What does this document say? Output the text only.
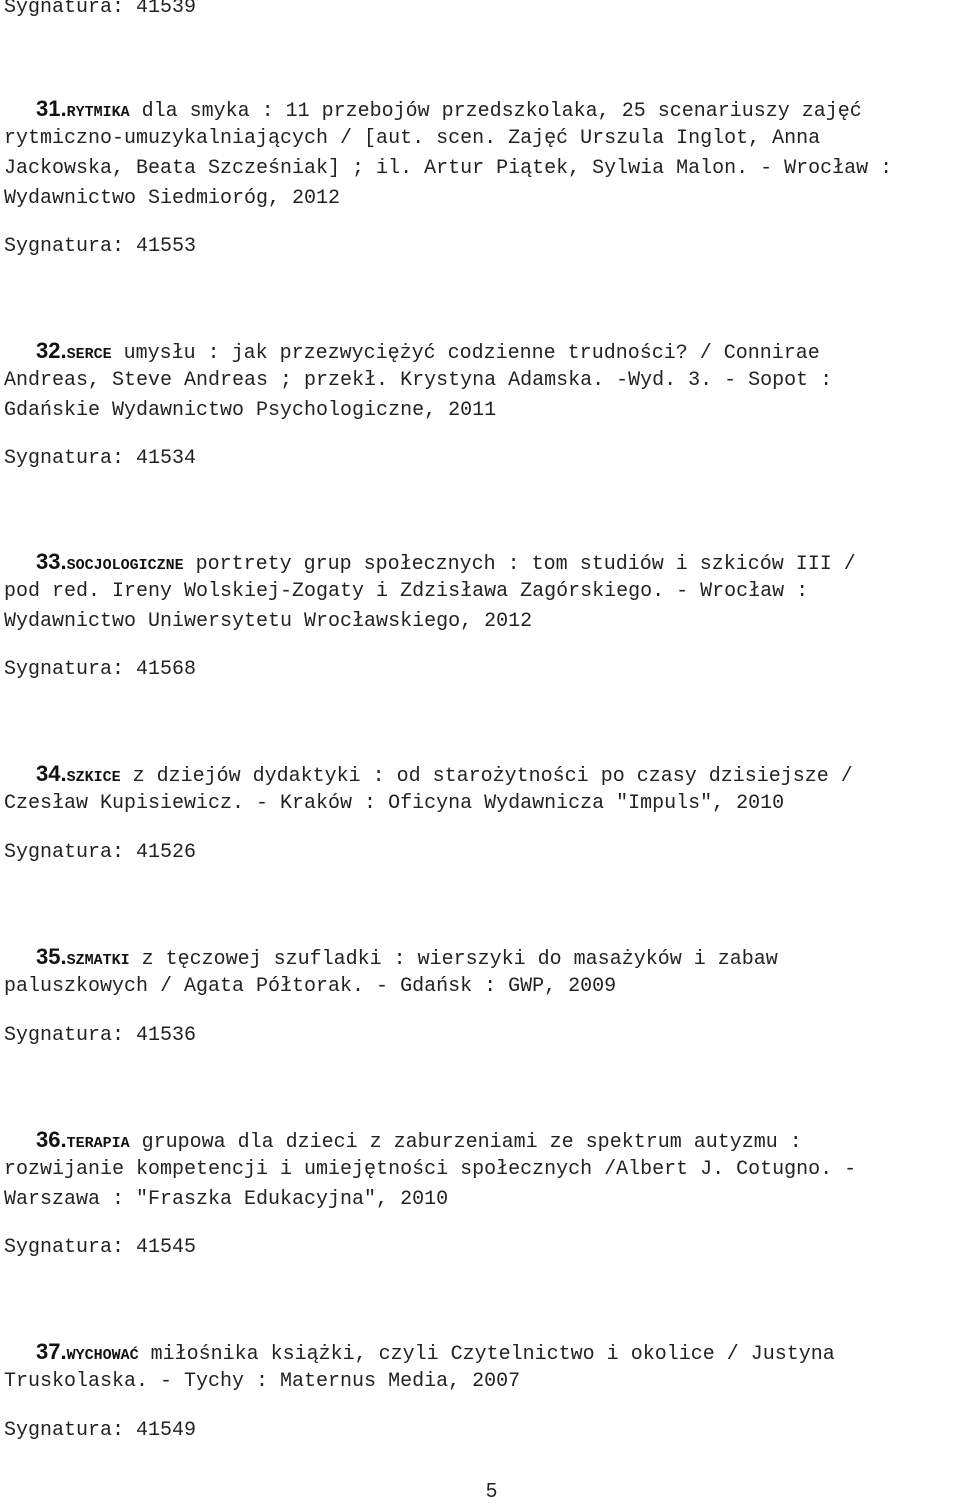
Sygnatura: 41539
31.RYTMIKA dla smyka : 11 przebojów przedszkolaka, 25 scenariuszy zajęć
rytmiczno-umuzykalniających / [aut. scen. Zajęć Urszula Inglot, Anna
Jackowska, Beata Szcześniak] ; il. Artur Piątek, Sylwia Malon. - Wrocław :
Wydawnictwo Siedmioróg, 2012
Sygnatura: 41553
32.SERCE umysłu : jak przezwyciężyć codzienne trudności? / Connirae
Andreas, Steve Andreas ; przekł. Krystyna Adamska. -Wyd. 3. - Sopot :
Gdańskie Wydawnictwo Psychologiczne, 2011
Sygnatura: 41534
33.SOCJOLOGICZNE portrety grup społecznych : tom studiów i szkiców III /
pod red. Ireny Wolskiej-Zogaty i Zdzisława Zagórskiego. - Wrocław :
Wydawnictwo Uniwersytetu Wrocławskiego, 2012
Sygnatura: 41568
34.SZKICE z dziejów dydaktyki : od starożytności po czasy dzisiejsze /
Czesław Kupisiewicz. - Kraków : Oficyna Wydawnicza "Impuls", 2010
Sygnatura: 41526
35.SZMATKI z tęczowej szufladki : wierszyki do masażyków i zabaw
paluszkowych / Agata Półtorak. - Gdańsk : GWP, 2009
Sygnatura: 41536
36.TERAPIA grupowa dla dzieci z zaburzeniami ze spektrum autyzmu :
rozwijanie kompetencji i umiejętności społecznych /Albert J. Cotugno. -
Warszawa : "Fraszka Edukacyjna", 2010
Sygnatura: 41545
37.WYCHOWAĆ miłośnika książki, czyli Czytelnictwo i okolice / Justyna
Truskolaska. - Tychy : Maternus Media, 2007
Sygnatura: 41549
5
